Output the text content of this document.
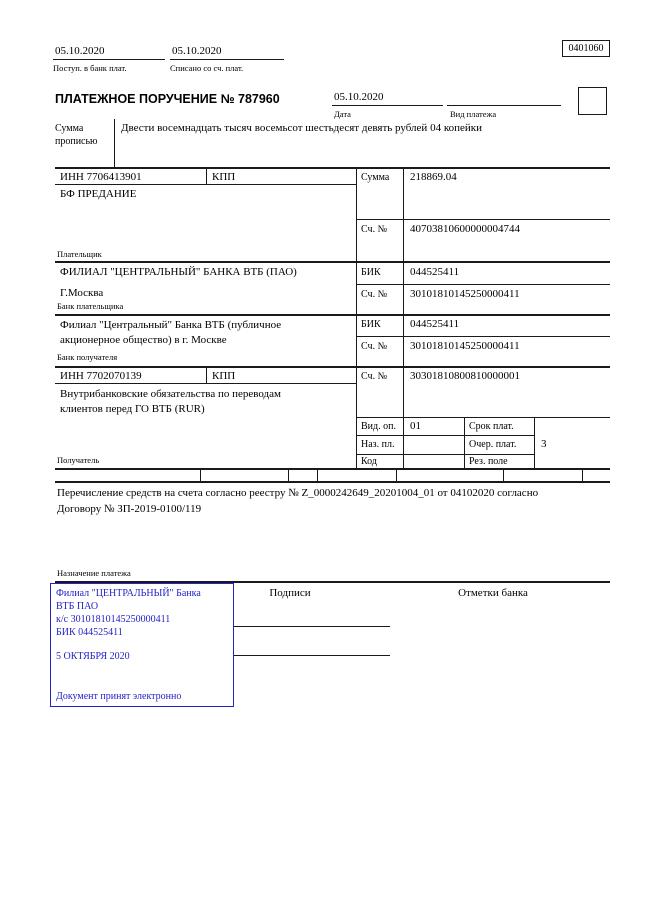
05.10.2020
Поступ. в банк плат.
05.10.2020
Списано со сч. плат.
0401060
ПЛАТЕЖНОЕ ПОРУЧЕНИЕ № 787960	05.10.2020
Дата	Вид платежа
Сумма прописью
Двести восемнадцать тысяч восемьсот шестьдесят девять рублей 04 копейки
ИНН 7706413901	КПП
БФ ПРЕДАНИЕ
Плательщик
Сумма 218869.04
Сч. № 40703810600000004744
ФИЛИАЛ "ЦЕНТРАЛЬНЫЙ" БАНКА ВТБ (ПАО)
Г.Москва
Банк плательщика
БИК	044525411
Сч. № 30101810145250000411
Филиал "Центральный" Банка ВТБ (публичное
акционерное общество) в г. Москве
Банк получателя
БИК	044525411
Сч. № 30101810145250000411
ИНН 7702070139	КПП	Сч. № 30301810800810000001
Внутрибанковские обязательства по переводам
клиентов перед ГО ВТБ (RUR)
Получатель
Вид. оп. 01	Срок плат.
Наз. пл.	Очер. плат. 3
Код	Рез. поле
Перечисление средств на счета согласно реестру № Z_0000242649_20201004_01 от 04102020 согласно
Договору № ЗП-2019-0100/119
Назначение платежа
Подписи	Отметки банка
Филиал "ЦЕНТРАЛЬНЫЙ" Банка
ВТБ ПАО
к/с 30101810145250000411
БИК 044525411
5 ОКТЯБРЯ 2020
Документ принят электронно
